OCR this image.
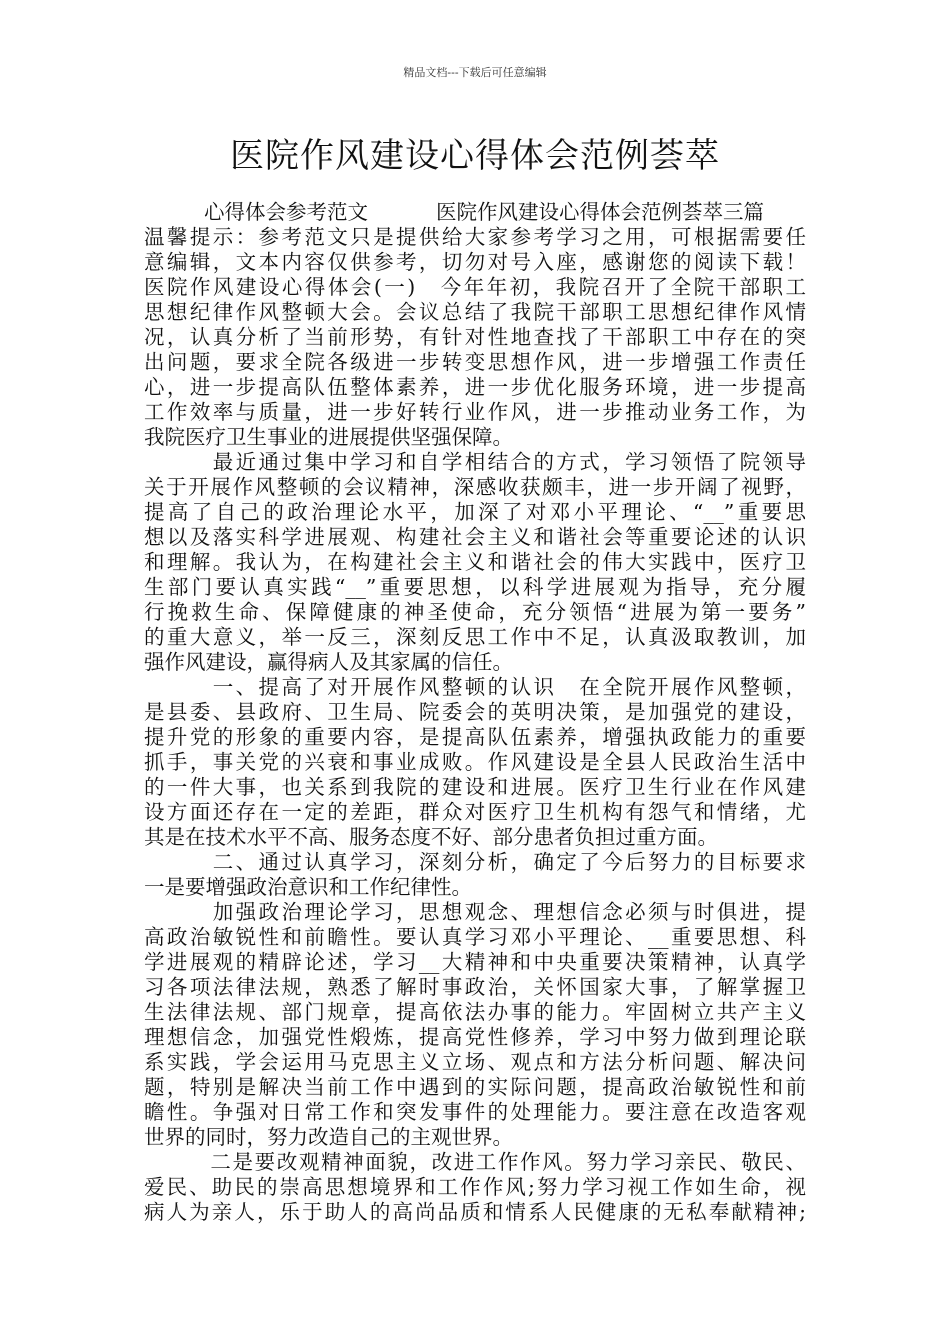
精品文档---下载后可任意编辑
医院作风建设心得体会范例荟萃
心得体会参考范文	医院作风建设心得体会范例荟萃三篇
温馨提示：参考范文只是提供给大家参考学习之用，可根据需要任
意编辑，文本内容仅供参考，切勿对号入座，感谢您的阅读下载！
医院作风建设心得体会(一)　今年年初，我院召开了全院干部职工
思想纪律作风整顿大会。会议总结了我院干部职工思想纪律作风情
况，认真分析了当前形势，有针对性地查找了干部职工中存在的突
出问题，要求全院各级进一步转变思想作风，进一步增强工作责任
心，进一步提高队伍整体素养，进一步优化服务环境，进一步提高
工作效率与质量，进一步好转行业作风，进一步推动业务工作，为
我院医疗卫生事业的进展提供坚强保障。
　　　最近通过集中学习和自学相结合的方式，学习领悟了院领导
关于开展作风整顿的会议精神，深感收获颇丰，进一步开阔了视野，
提高了自己的政治理论水平，加深了对邓小平理论、“__”重要思
想以及落实科学进展观、构建社会主义和谐社会等重要论述的认识
和理解。我认为，在构建社会主义和谐社会的伟大实践中，医疗卫
生部门要认真实践“__”重要思想，以科学进展观为指导，充分履
行挽救生命、保障健康的神圣使命，充分领悟“进展为第一要务”
的重大意义，举一反三，深刻反思工作中不足，认真汲取教训，加
强作风建设，赢得病人及其家属的信任。
　　　一、提高了对开展作风整顿的认识　在全院开展作风整顿，
是县委、县政府、卫生局、院委会的英明决策，是加强党的建设，
提升党的形象的重要内容，是提高队伍素养，增强执政能力的重要
抓手，事关党的兴衰和事业成败。作风建设是全县人民政治生活中
的一件大事，也关系到我院的建设和进展。医疗卫生行业在作风建
设方面还存在一定的差距，群众对医疗卫生机构有怨气和情绪，尤
其是在技术水平不高、服务态度不好、部分患者负担过重方面。
　　　二、通过认真学习，深刻分析，确定了今后努力的目标要求
一是要增强政治意识和工作纪律性。
　　　加强政治理论学习，思想观念、理想信念必须与时俱进，提
高政治敏锐性和前瞻性。要认真学习邓小平理论、__重要思想、科
学进展观的精辟论述，学习__大精神和中央重要决策精神，认真学
习各项法律法规，熟悉了解时事政治，关怀国家大事，了解掌握卫
生法律法规、部门规章，提高依法办事的能力。牢固树立共产主义
理想信念，加强党性煅炼，提高党性修养，学习中努力做到理论联
系实践，学会运用马克思主义立场、观点和方法分析问题、解决问
题，特别是解决当前工作中遇到的实际问题，提高政治敏锐性和前
瞻性。争强对日常工作和突发事件的处理能力。要注意在改造客观
世界的同时，努力改造自己的主观世界。
　　　二是要改观精神面貌，改进工作作风。努力学习亲民、敬民、
爱民、助民的崇高思想境界和工作作风;努力学习视工作如生命，视
病人为亲人，乐于助人的高尚品质和情系人民健康的无私奉献精神;
